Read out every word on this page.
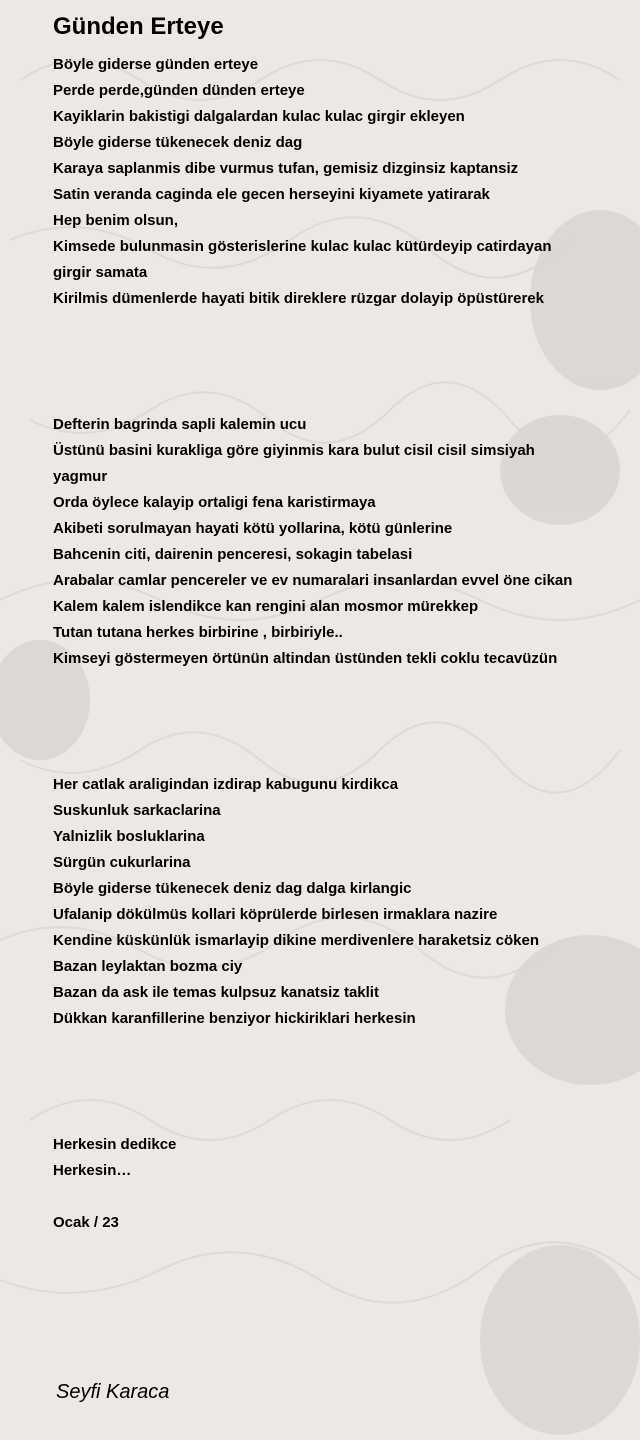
Günden Erteye
Böyle giderse günden erteye
Perde perde,günden dünden erteye
Kayiklarin bakistigi dalgalardan kulac kulac girgir ekleyen
Böyle giderse tükenecek deniz dag
Karaya saplanmis dibe vurmus tufan, gemisiz dizginsiz kaptansiz
Satin veranda caginda ele gecen herseyini kiyamete yatirarak
Hep benim olsun,
Kimsede bulunmasin gösterislerine kulac kulac kütürdeyip catirdayan
girgir samata
Kirilmis dümenlerde hayati bitik direklere rüzgar dolayip öpüstürerek
Defterin bagrinda sapli kalemin ucu
Üstünü basini kurakliga göre giyinmis kara bulut cisil cisil simsiyah
yagmur
Orda öylece kalayip ortaligi fena karistirmaya
Akibeti sorulmayan hayati kötü yollarina, kötü günlerine
Bahcenin citi, dairenin penceresi, sokagin tabelasi
Arabalar camlar pencereler ve ev numaralari insanlardan evvel öne cikan
Kalem kalem islendikce kan rengini alan mosmor mürekkep
Tutan tutana herkes birbirine , birbiriyle..
Kimseyi göstermeyen örtünün altindan üstünden tekli coklu tecavüzün
Her catlak araligindan izdirap kabugunu kirdikca
Suskunluk sarkaclarina
Yalnizlik bosluklarina
Sürgün cukurlarina
Böyle giderse tükenecek deniz dag dalga kirlangic
Ufalanip dökülmüs kollari köprülerde birlesen irmaklara nazire
Kendine küskünlük ismarlayip dikine merdivenlere haraketsiz cöken
Bazan leylaktan bozma ciy
Bazan da ask ile temas kulpsuz kanatsiz taklit
Dükkan karanfillerine benziyor hickiriklari herkesin
Herkesin dedikce
Herkesin…
Ocak / 23
Seyfi Karaca
